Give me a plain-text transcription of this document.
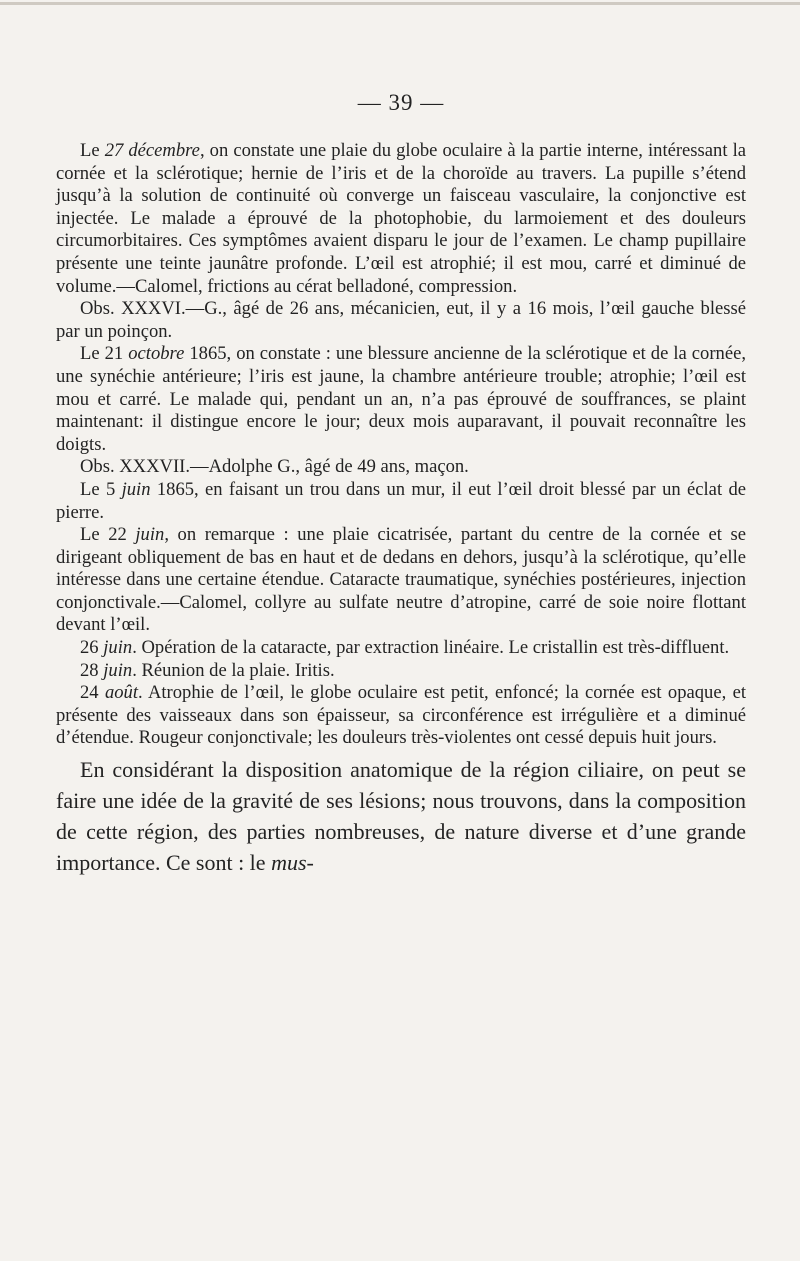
— 39 —

Le 27 décembre, on constate une plaie du globe oculaire à la partie interne, intéressant la cornée et la sclérotique; hernie de l’iris et de la choroïde au travers. La pupille s’étend jusqu’à la solution de continuité où converge un faisceau vasculaire, la conjonctive est injectée. Le malade a éprouvé de la photophobie, du larmoiement et des douleurs circumorbitaires. Ces symptômes avaient disparu le jour de l’examen. Le champ pupillaire présente une teinte jaunâtre profonde. L’œil est atrophié; il est mou, carré et diminué de volume.—Calomel, frictions au cérat belladoné, compression.

Obs. XXXVI.—G., âgé de 26 ans, mécanicien, eut, il y a 16 mois, l’œil gauche blessé par un poinçon.

Le 21 octobre 1865, on constate : une blessure ancienne de la sclérotique et de la cornée, une synéchie antérieure; l’iris est jaune, la chambre antérieure trouble; atrophie; l’œil est mou et carré. Le malade qui, pendant un an, n’a pas éprouvé de souffrances, se plaint maintenant: il distingue encore le jour; deux mois auparavant, il pouvait reconnaître les doigts.

Obs. XXXVII.—Adolphe G., âgé de 49 ans, maçon.

Le 5 juin 1865, en faisant un trou dans un mur, il eut l’œil droit blessé par un éclat de pierre.

Le 22 juin, on remarque : une plaie cicatrisée, partant du centre de la cornée et se dirigeant obliquement de bas en haut et de dedans en dehors, jusqu’à la sclérotique, qu’elle intéresse dans une certaine étendue. Cataracte traumatique, synéchies postérieures, injection conjonctivale.—Calomel, collyre au sulfate neutre d’atropine, carré de soie noire flottant devant l’œil.

26 juin. Opération de la cataracte, par extraction linéaire. Le cristallin est très-diffluent.

28 juin. Réunion de la plaie. Iritis.

24 août. Atrophie de l’œil, le globe oculaire est petit, enfoncé; la cornée est opaque, et présente des vaisseaux dans son épaisseur, sa circonférence est irrégulière et a diminué d’étendue. Rougeur conjonctivale; les douleurs très-violentes ont cessé depuis huit jours.

En considérant la disposition anatomique de la région ciliaire, on peut se faire une idée de la gravité de ses lésions; nous trouvons, dans la composition de cette région, des parties nombreuses, de nature diverse et d’une grande importance. Ce sont : le mus-
